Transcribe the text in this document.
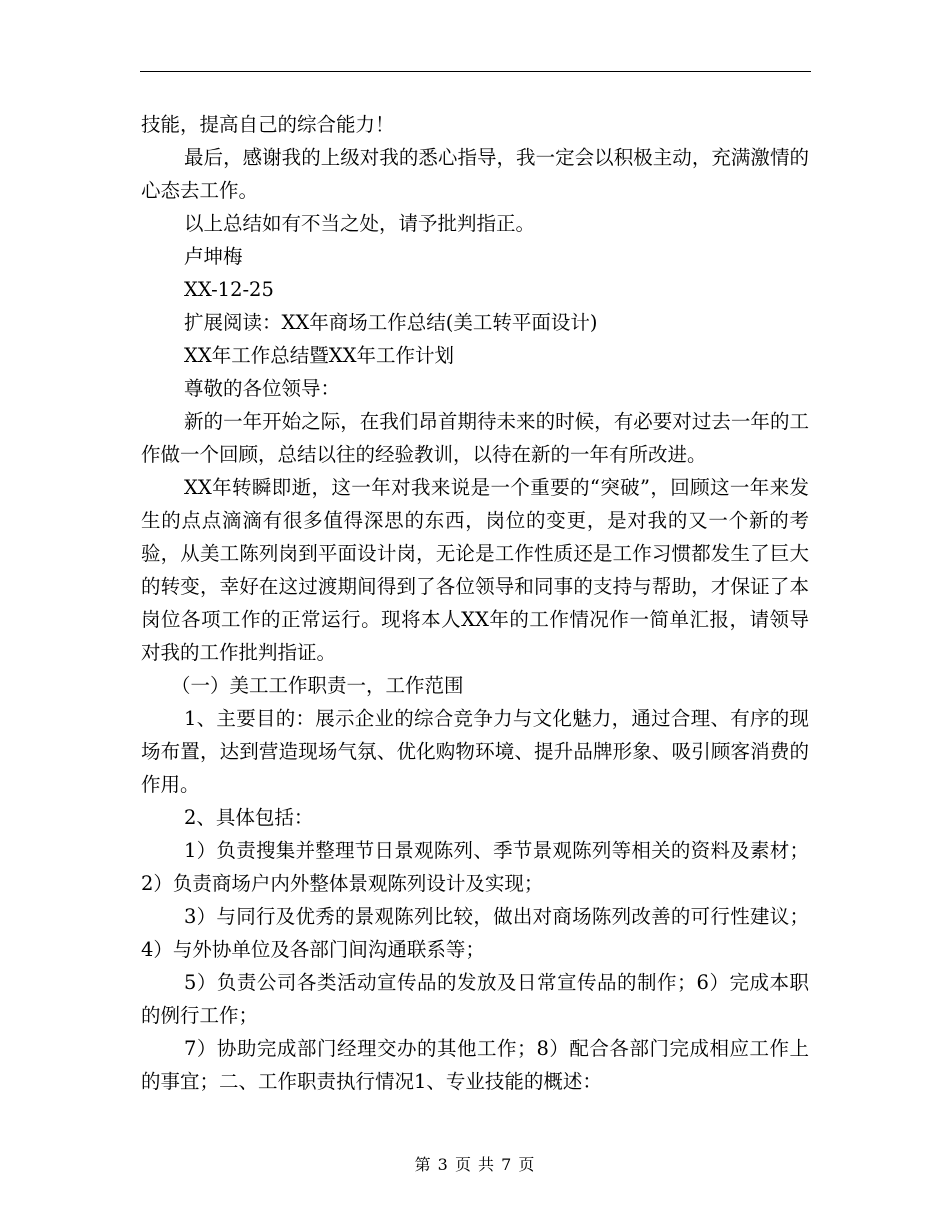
技能，提高自己的综合能力！

最后，感谢我的上级对我的悉心指导，我一定会以积极主动，充满激情的心态去工作。

以上总结如有不当之处，请予批判指正。

卢坤梅

XX-12-25

扩展阅读：XX年商场工作总结(美工转平面设计)

XX年工作总结暨XX年工作计划

尊敬的各位领导：

新的一年开始之际，在我们昂首期待未来的时候，有必要对过去一年的工作做一个回顾，总结以往的经验教训，以待在新的一年有所改进。

XX年转瞬即逝，这一年对我来说是一个重要的“突破”，回顾这一年来发生的点点滴滴有很多值得深思的东西，岗位的变更，是对我的又一个新的考验，从美工陈列岗到平面设计岗，无论是工作性质还是工作习惯都发生了巨大的转变，幸好在这过渡期间得到了各位领导和同事的支持与帮助，才保证了本岗位各项工作的正常运行。现将本人XX年的工作情况作一简单汇报，请领导对我的工作批判指证。

（一）美工工作职责一，工作范围

1、主要目的：展示企业的综合竞争力与文化魅力，通过合理、有序的现场布置，达到营造现场气氛、优化购物环境、提升品牌形象、吸引顾客消费的作用。

2、具体包括：

1）负责搜集并整理节日景观陈列、季节景观陈列等相关的资料及素材；2）负责商场户内外整体景观陈列设计及实现；

3）与同行及优秀的景观陈列比较，做出对商场陈列改善的可行性建议；4）与外协单位及各部门间沟通联系等；

5）负责公司各类活动宣传品的发放及日常宣传品的制作；6）完成本职的例行工作；

7）协助完成部门经理交办的其他工作；8）配合各部门完成相应工作上的事宜；二、工作职责执行情况1、专业技能的概述：

第 3 页 共 7 页
